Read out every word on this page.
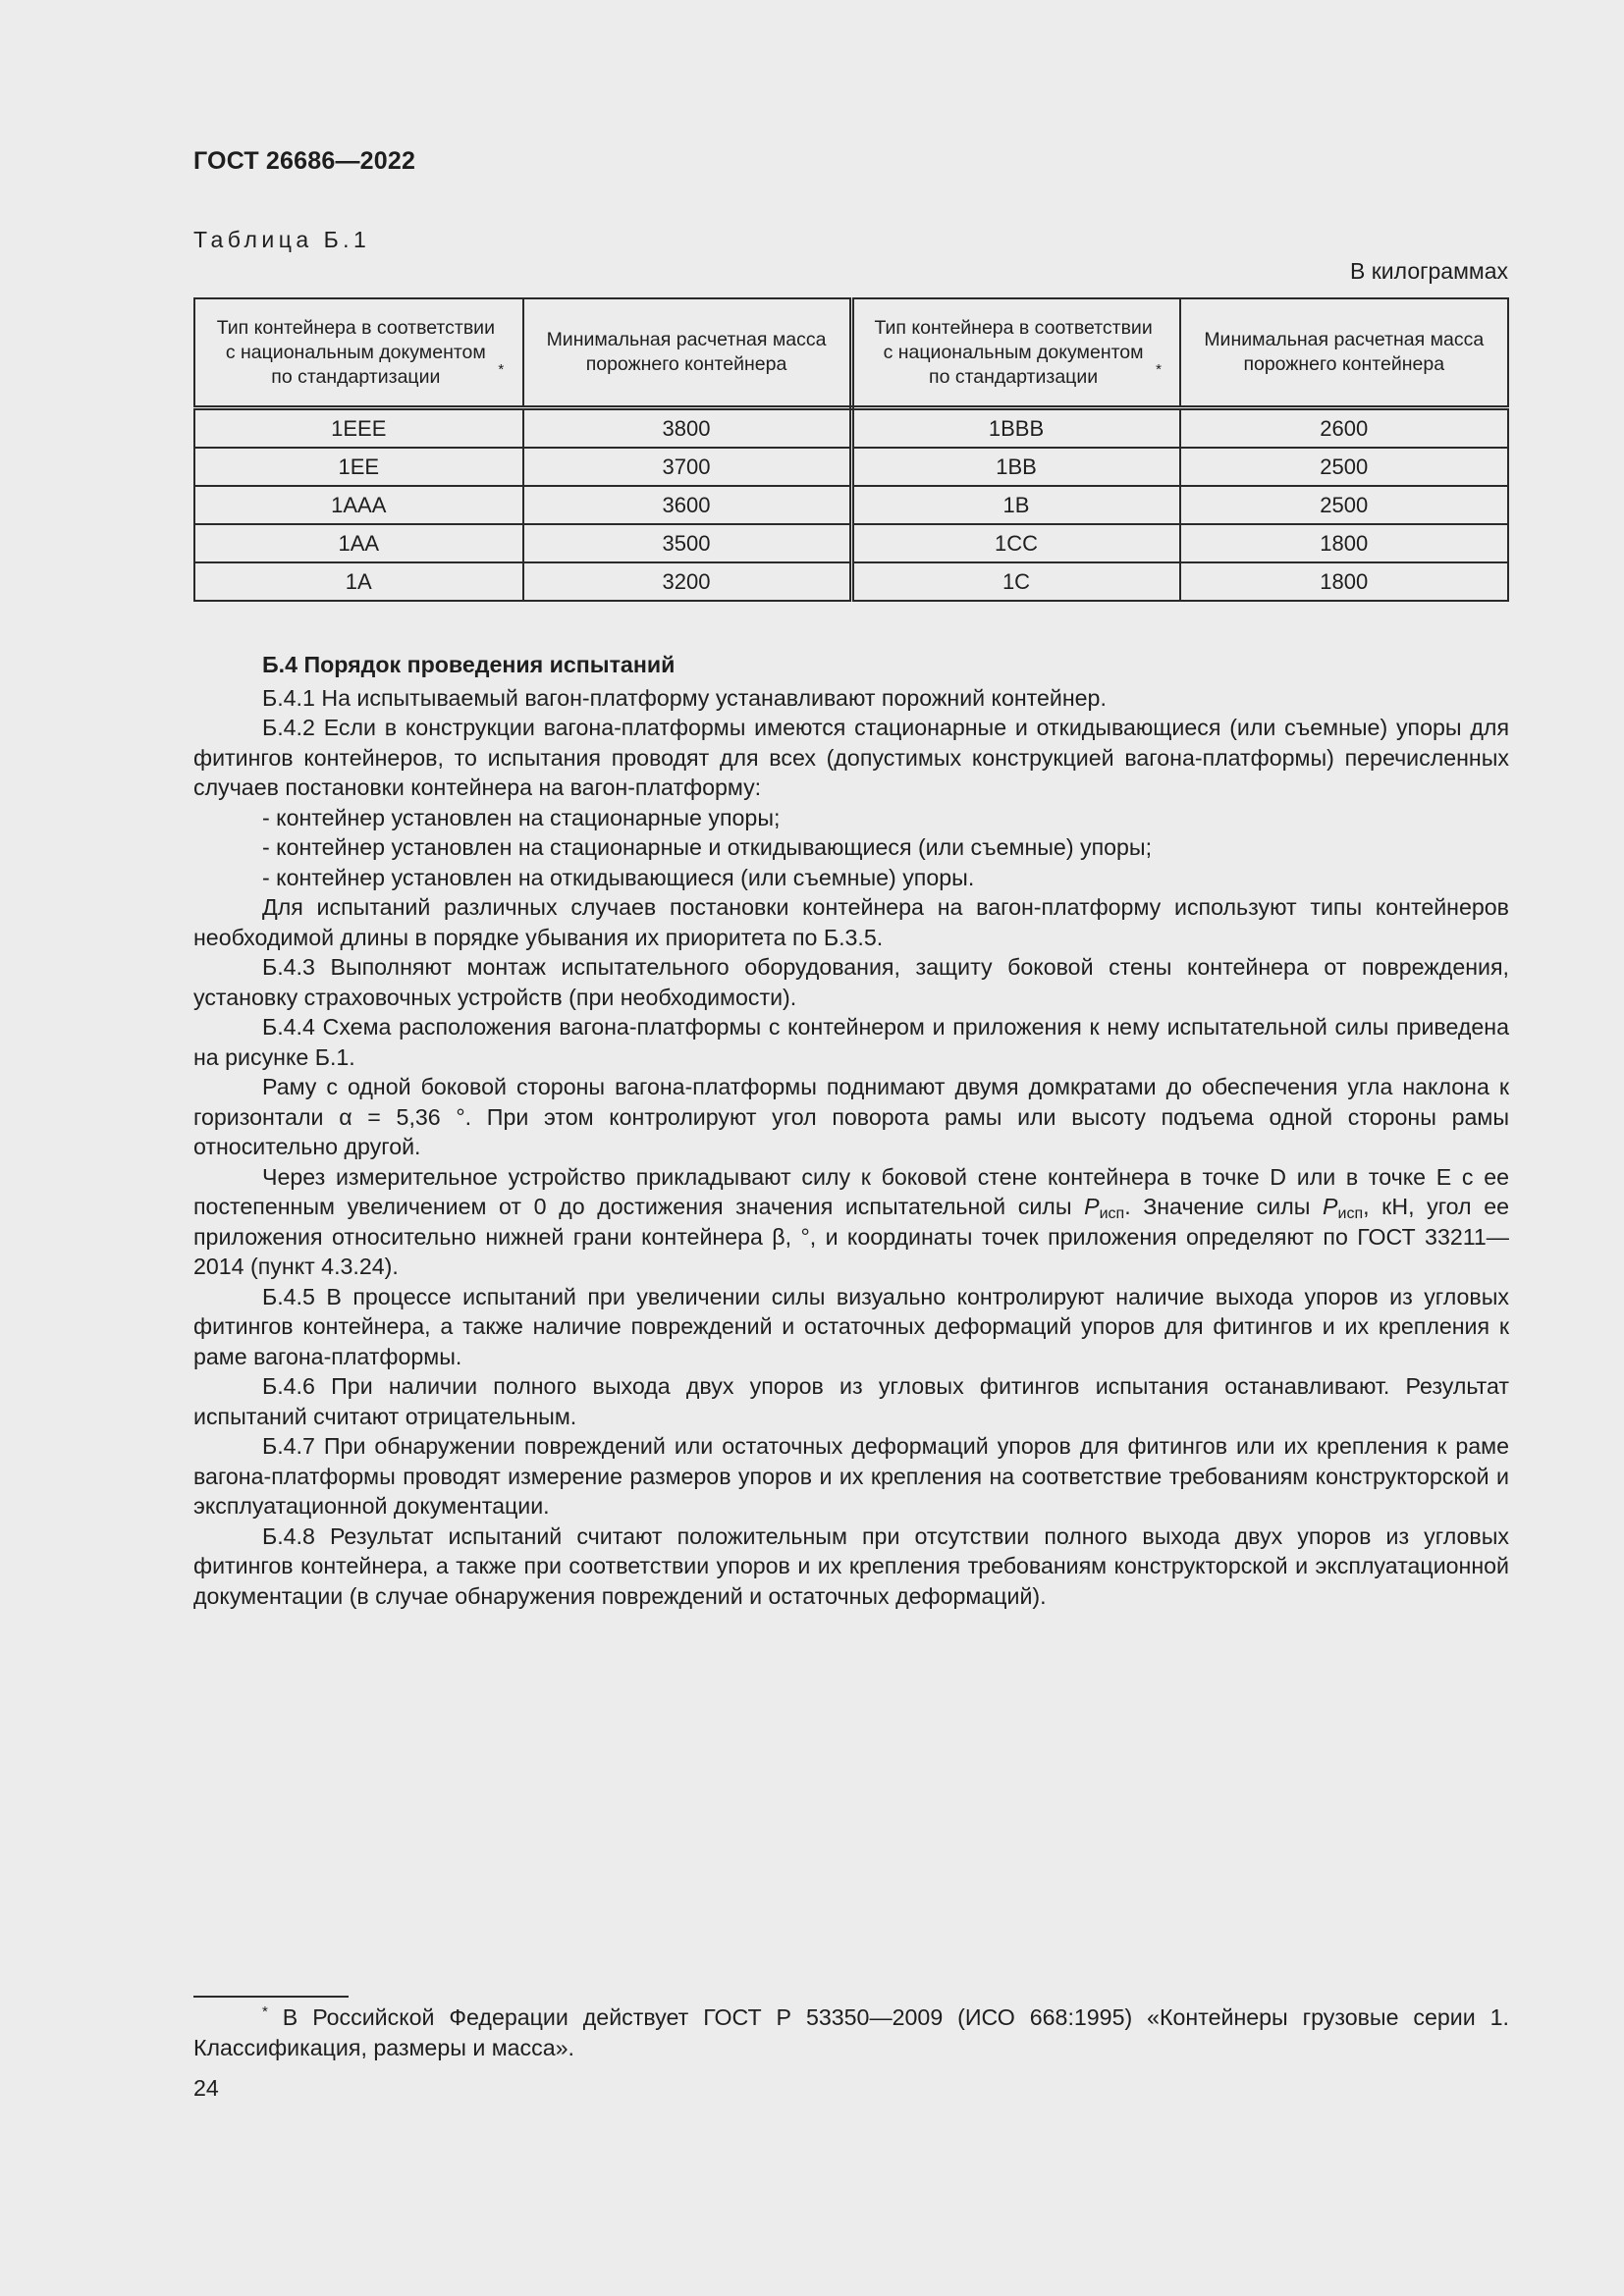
ГОСТ 26686—2022
Таблица Б.1
В килограммах
Тип контейнера в соответствии с национальным документом по стандартизации *	Минимальная расчетная масса порожнего контейнера	Тип контейнера в соответствии с национальным документом по стандартизации *	Минимальная расчетная масса порожнего контейнера
1EEE	3800	1BBB	2600
1EE	3700	1BB	2500
1AAA	3600	1B	2500
1AA	3500	1CC	1800
1A	3200	1C	1800
Б.4 Порядок проведения испытаний

Б.4.1 На испытываемый вагон-платформу устанавливают порожний контейнер.

Б.4.2 Если в конструкции вагона-платформы имеются стационарные и откидывающиеся (или съемные) упоры для фитингов контейнеров, то испытания проводят для всех (допустимых конструкцией вагона-платформы) перечисленных случаев постановки контейнера на вагон-платформу:

- контейнер установлен на стационарные упоры;

- контейнер установлен на стационарные и откидывающиеся (или съемные) упоры;

- контейнер установлен на откидывающиеся (или съемные) упоры.

Для испытаний различных случаев постановки контейнера на вагон-платформу используют типы контейнеров необходимой длины в порядке убывания их приоритета по Б.3.5.

Б.4.3 Выполняют монтаж испытательного оборудования, защиту боковой стены контейнера от повреждения, установку страховочных устройств (при необходимости).

Б.4.4 Схема расположения вагона-платформы с контейнером и приложения к нему испытательной силы приведена на рисунке Б.1.

Раму с одной боковой стороны вагона-платформы поднимают двумя домкратами до обеспечения угла наклона к горизонтали α = 5,36 °. При этом контролируют угол поворота рамы или высоту подъема одной стороны рамы относительно другой.

Через измерительное устройство прикладывают силу к боковой стене контейнера в точке D или в точке E с ее постепенным увеличением от 0 до достижения значения испытательной силы $P_{исп}$. Значение силы $P_{исп}$, кН, угол ее приложения относительно нижней грани контейнера β, °, и координаты точек приложения определяют по ГОСТ 33211—2014 (пункт 4.3.24).

Б.4.5 В процессе испытаний при увеличении силы визуально контролируют наличие выхода упоров из угловых фитингов контейнера, а также наличие повреждений и остаточных деформаций упоров для фитингов и их крепления к раме вагона-платформы.

Б.4.6 При наличии полного выхода двух упоров из угловых фитингов испытания останавливают. Результат испытаний считают отрицательным.

Б.4.7 При обнаружении повреждений или остаточных деформаций упоров для фитингов или их крепления к раме вагона-платформы проводят измерение размеров упоров и их крепления на соответствие требованиям конструкторской и эксплуатационной документации.

Б.4.8 Результат испытаний считают положительным при отсутствии полного выхода двух упоров из угловых фитингов контейнера, а также при соответствии упоров и их крепления требованиям конструкторской и эксплуатационной документации (в случае обнаружения повреждений и остаточных деформаций).

* В Российской Федерации действует ГОСТ Р 53350—2009 (ИСО 668:1995) «Контейнеры грузовые серии 1. Классификация, размеры и масса».

24
